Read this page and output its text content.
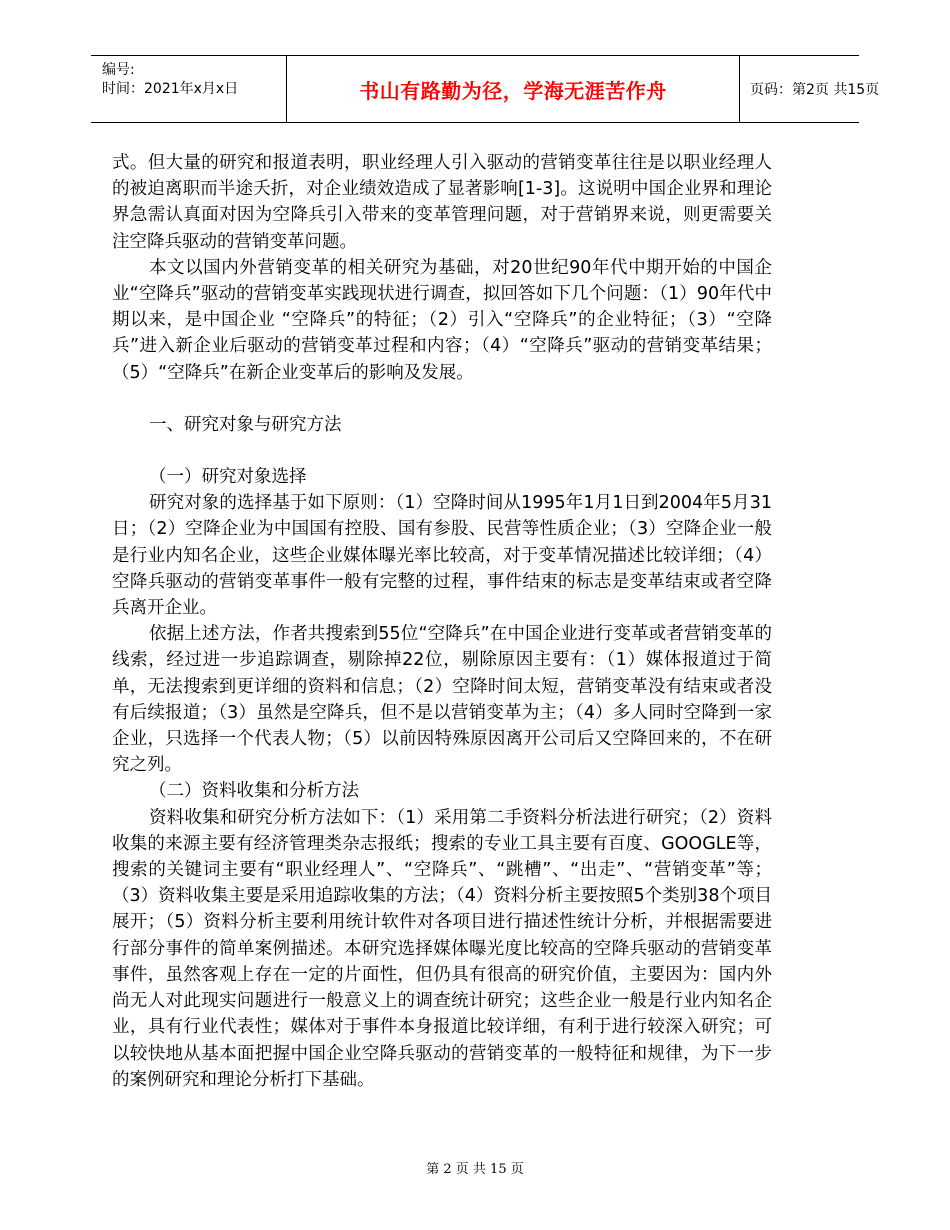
编号:
时间：2021年x月x日	书山有路勤为径，学海无涯苦作舟	页码：第2页 共15页

式。但大量的研究和报道表明，职业经理人引入驱动的营销变革往往是以职业经理人的被迫离职而半途夭折，对企业绩效造成了显著影响[1-3]。这说明中国企业界和理论界急需认真面对因为空降兵引入带来的变革管理问题，对于营销界来说，则更需要关注空降兵驱动的营销变革问题。

本文以国内外营销变革的相关研究为基础，对20世纪90年代中期开始的中国企业“空降兵”驱动的营销变革实践现状进行调查，拟回答如下几个问题：（1）90年代中期以来，是中国企业 “空降兵”的特征；（2）引入“空降兵”的企业特征；（3）“空降兵”进入新企业后驱动的营销变革过程和内容；（4）“空降兵”驱动的营销变革结果；（5）“空降兵”在新企业变革后的影响及发展。

一、研究对象与研究方法

（一）研究对象选择

研究对象的选择基于如下原则：（1）空降时间从1995年1月1日到2004年5月31日；（2）空降企业为中国国有控股、国有参股、民营等性质企业；（3）空降企业一般是行业内知名企业，这些企业媒体曝光率比较高，对于变革情况描述比较详细；（4）空降兵驱动的营销变革事件一般有完整的过程，事件结束的标志是变革结束或者空降兵离开企业。

依据上述方法，作者共搜索到55位“空降兵”在中国企业进行变革或者营销变革的线索，经过进一步追踪调查，剔除掉22位，剔除原因主要有：（1）媒体报道过于简单，无法搜索到更详细的资料和信息；（2）空降时间太短，营销变革没有结束或者没有后续报道；（3）虽然是空降兵，但不是以营销变革为主；（4）多人同时空降到一家企业，只选择一个代表人物；（5）以前因特殊原因离开公司后又空降回来的，不在研究之列。

（二）资料收集和分析方法

资料收集和研究分析方法如下：（1）采用第二手资料分析法进行研究；（2）资料收集的来源主要有经济管理类杂志报纸；搜索的专业工具主要有百度、GOOGLE等，搜索的关键词主要有“职业经理人”、“空降兵”、“跳槽”、“出走”、“营销变革”等；（3）资料收集主要是采用追踪收集的方法；（4）资料分析主要按照5个类别38个项目展开；（5）资料分析主要利用统计软件对各项目进行描述性统计分析，并根据需要进行部分事件的简单案例描述。本研究选择媒体曝光度比较高的空降兵驱动的营销变革事件，虽然客观上存在一定的片面性，但仍具有很高的研究价值，主要因为：国内外尚无人对此现实问题进行一般意义上的调查统计研究；这些企业一般是行业内知名企业，具有行业代表性；媒体对于事件本身报道比较详细，有利于进行较深入研究；可以较快地从基本面把握中国企业空降兵驱动的营销变革的一般特征和规律，为下一步的案例研究和理论分析打下基础。

第 2 页 共 15 页
